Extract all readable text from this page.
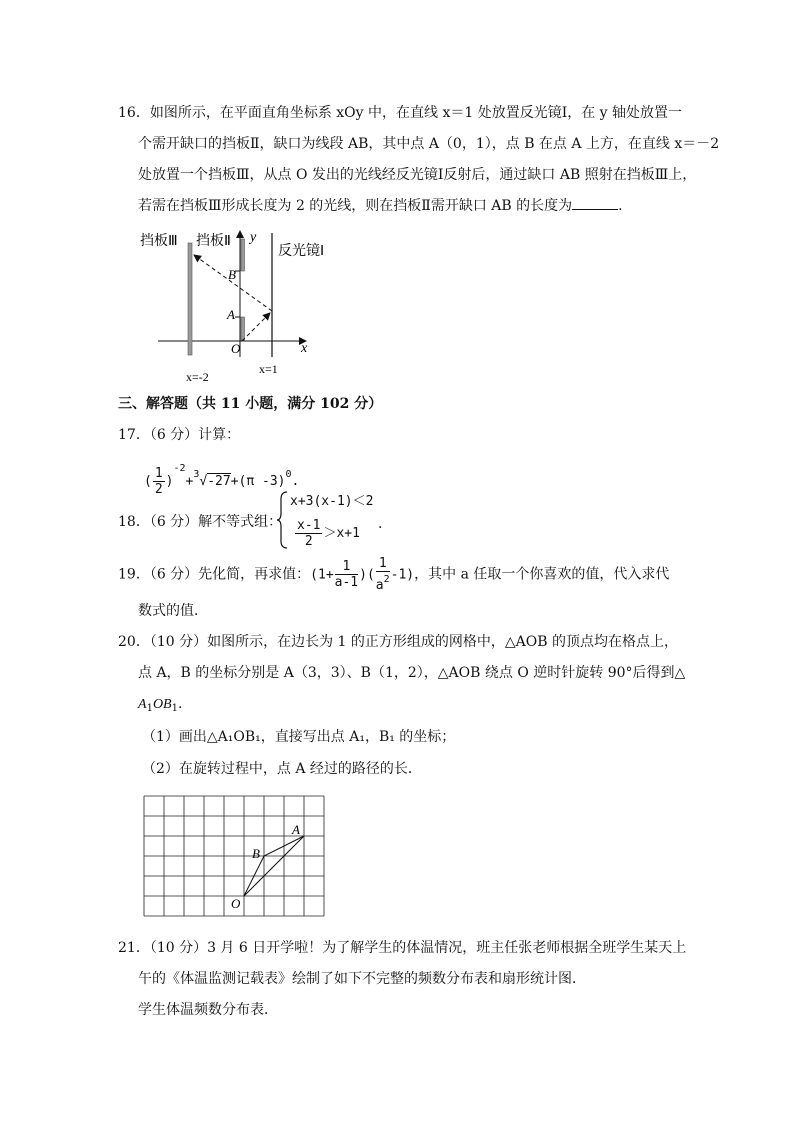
16．如图所示，在平面直角坐标系 xOy 中，在直线 x＝1 处放置反光镜Ⅰ，在 y 轴处放置一
个需开缺口的挡板Ⅱ，缺口为线段 AB，其中点 A（0，1），点 B 在点 A 上方，在直线 x＝－2
处放置一个挡板Ⅲ，从点 O 发出的光线经反光镜Ⅰ反射后，通过缺口 AB 照射在挡板Ⅲ上，
若需在挡板Ⅲ形成长度为 2 的光线，则在挡板Ⅱ需开缺口 AB 的长度为	.
挡板Ⅲ 挡板Ⅱ y
反光镜Ⅰ
B
A
O	x
x=-2
x=1
三、解答题（共 11 小题，满分 102 分）
17．（6 分）计算：
( $\frac{1}{2} )^{-2}+^3√-27+(\pi$ -3)$^0$.
18．（6 分）解不等式组：
x+3(x-1)＜2
$\frac{x-1}{2} >x+1$
.
19．（6 分）先化简，再求值：($1+ \frac{1}{a-1}$ )( $\frac{1}{a^2} -1$)，其中 a 任取一个你喜欢的值，代入求代
数式的值．
20．（10 分）如图所示，在边长为 1 的正方形组成的网格中，△AOB 的顶点均在格点上，
点 A，B 的坐标分别是 A（3，3）、B（1，2），△AOB 绕点 O 逆时针旋转 90°后得到△
$A_1OB_1$.
（1）画出△A₁OB₁，直接写出点 A₁，B₁ 的坐标；
（2）在旋转过程中，点 A 经过的路径的长．
A
B
O
21．（10 分）3 月 6 日开学啦！为了解学生的体温情况，班主任张老师根据全班学生某天上
午的《体温监测记载表》绘制了如下不完整的频数分布表和扇形统计图．
学生体温频数分布表．
